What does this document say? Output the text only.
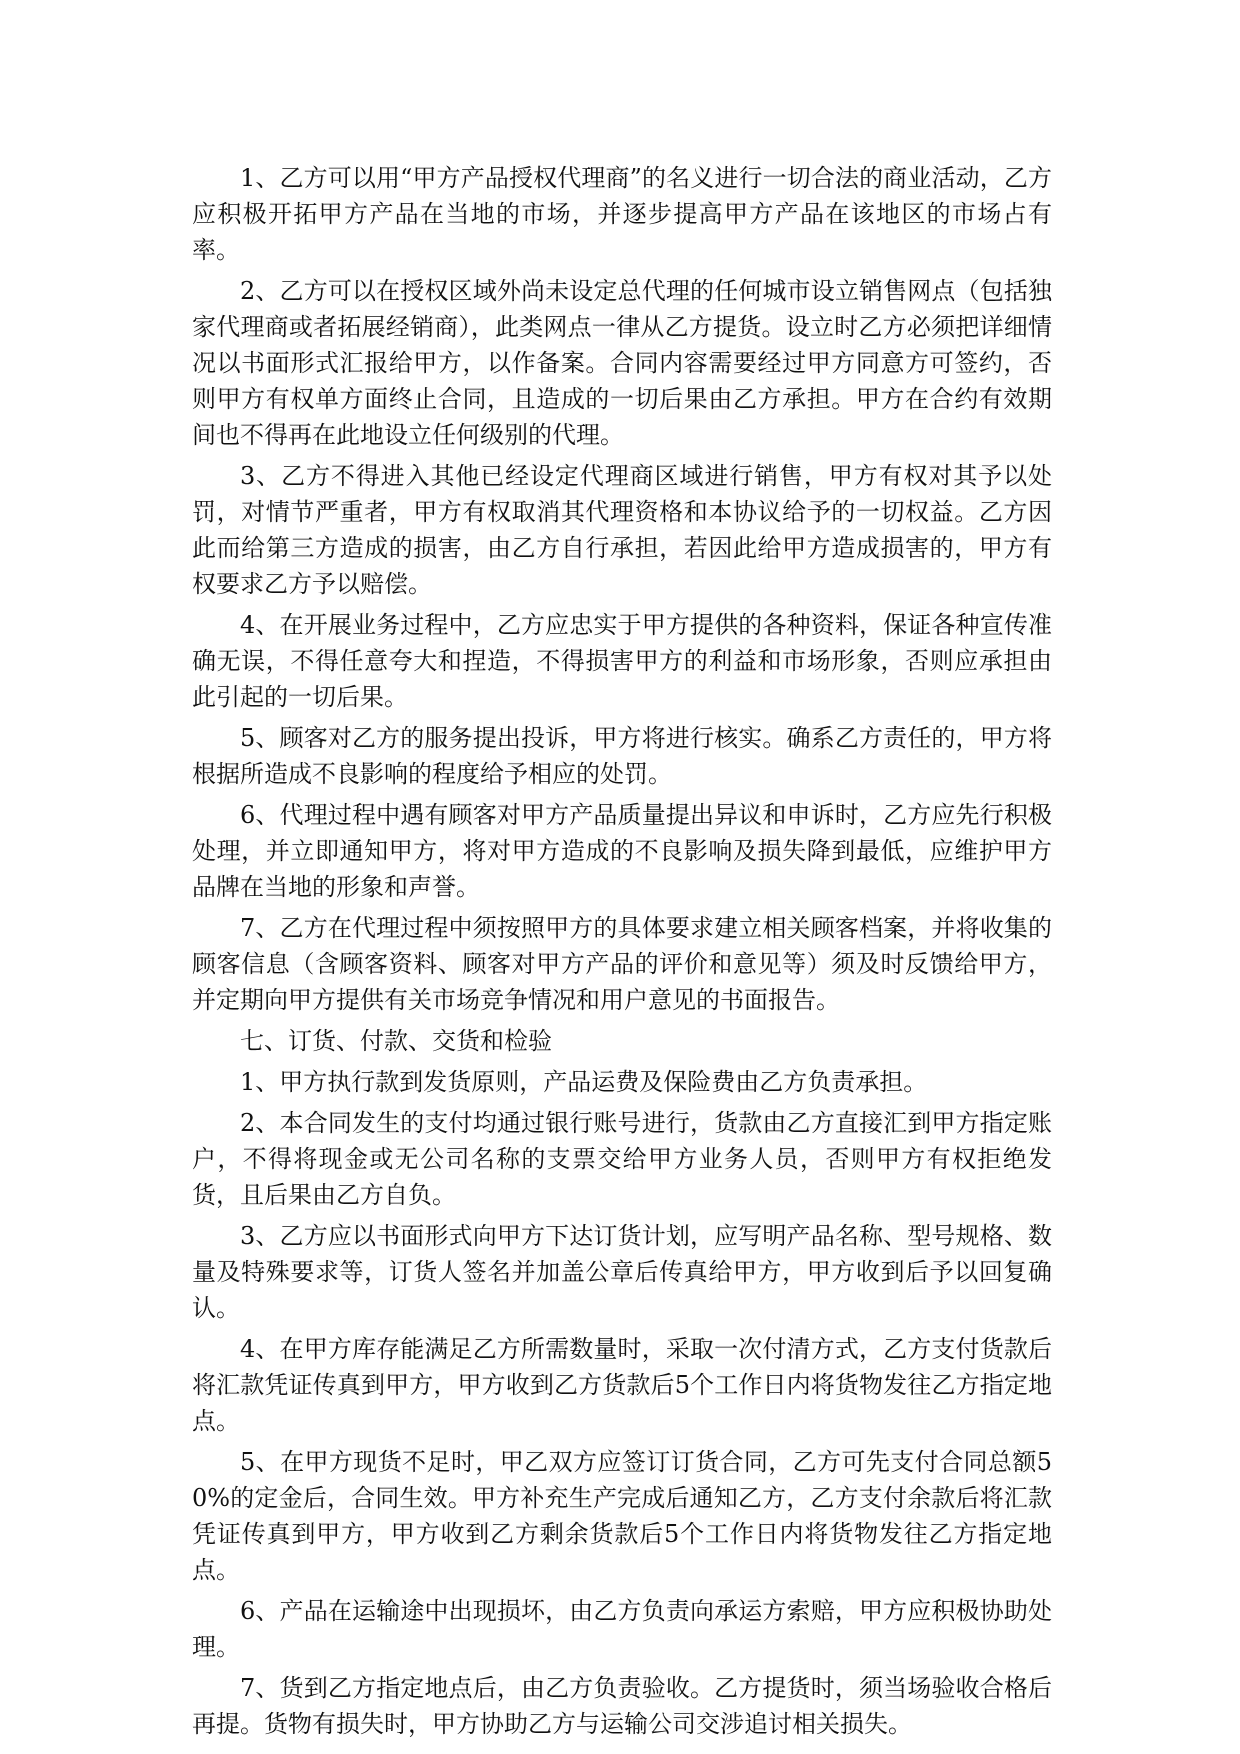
1、乙方可以用“甲方产品授权代理商”的名义进行一切合法的商业活动，乙方应积极开拓甲方产品在当地的市场，并逐步提高甲方产品在该地区的市场占有率。

2、乙方可以在授权区域外尚未设定总代理的任何城市设立销售网点（包括独家代理商或者拓展经销商），此类网点一律从乙方提货。设立时乙方必须把详细情况以书面形式汇报给甲方，以作备案。合同内容需要经过甲方同意方可签约，否则甲方有权单方面终止合同，且造成的一切后果由乙方承担。甲方在合约有效期间也不得再在此地设立任何级别的代理。

3、乙方不得进入其他已经设定代理商区域进行销售，甲方有权对其予以处罚，对情节严重者，甲方有权取消其代理资格和本协议给予的一切权益。乙方因此而给第三方造成的损害，由乙方自行承担，若因此给甲方造成损害的，甲方有权要求乙方予以赔偿。

4、在开展业务过程中，乙方应忠实于甲方提供的各种资料，保证各种宣传准确无误，不得任意夸大和捏造，不得损害甲方的利益和市场形象，否则应承担由此引起的一切后果。

5、顾客对乙方的服务提出投诉，甲方将进行核实。确系乙方责任的，甲方将根据所造成不良影响的程度给予相应的处罚。

6、代理过程中遇有顾客对甲方产品质量提出异议和申诉时，乙方应先行积极处理，并立即通知甲方，将对甲方造成的不良影响及损失降到最低，应维护甲方品牌在当地的形象和声誉。

7、乙方在代理过程中须按照甲方的具体要求建立相关顾客档案，并将收集的顾客信息（含顾客资料、顾客对甲方产品的评价和意见等）须及时反馈给甲方，并定期向甲方提供有关市场竞争情况和用户意见的书面报告。

七、订货、付款、交货和检验

1、甲方执行款到发货原则，产品运费及保险费由乙方负责承担。

2、本合同发生的支付均通过银行账号进行，货款由乙方直接汇到甲方指定账户，不得将现金或无公司名称的支票交给甲方业务人员，否则甲方有权拒绝发货，且后果由乙方自负。

3、乙方应以书面形式向甲方下达订货计划，应写明产品名称、型号规格、数量及特殊要求等，订货人签名并加盖公章后传真给甲方，甲方收到后予以回复确认。

4、在甲方库存能满足乙方所需数量时，采取一次付清方式，乙方支付货款后将汇款凭证传真到甲方，甲方收到乙方货款后5个工作日内将货物发往乙方指定地点。

5、在甲方现货不足时，甲乙双方应签订订货合同，乙方可先支付合同总额50%的定金后，合同生效。甲方补充生产完成后通知乙方，乙方支付余款后将汇款凭证传真到甲方，甲方收到乙方剩余货款后5个工作日内将货物发往乙方指定地点。

6、产品在运输途中出现损坏，由乙方负责向承运方索赔，甲方应积极协助处理。

7、货到乙方指定地点后，由乙方负责验收。乙方提货时，须当场验收合格后再提。货物有损失时，甲方协助乙方与运输公司交涉追讨相关损失。
